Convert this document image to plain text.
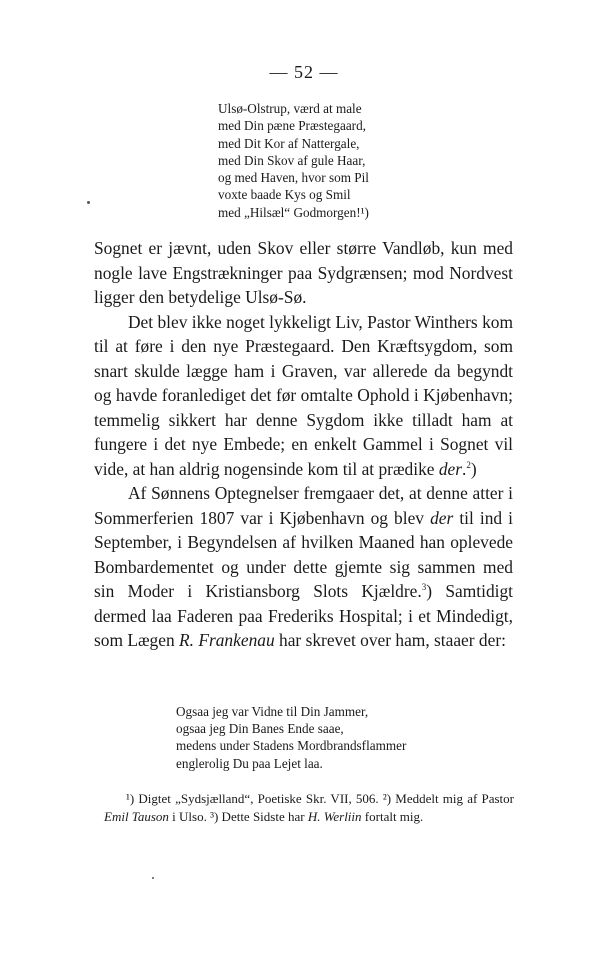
— 52 —
Ulsø-Olstrup, værd at male
med Din pæne Præstegaard,
med Dit Kor af Nattergale,
med Din Skov af gule Haar,
og med Haven, hvor som Pil
voxte baade Kys og Smil
med „Hilsæl“ Godmorgen!¹)

Sognet er jævnt, uden Skov eller større Vandløb, kun med nogle lave Engstrækninger paa Sydgrænsen; mod Nordvest ligger den betydelige Ulsø-Sø.

Det blev ikke noget lykkeligt Liv, Pastor Winthers kom til at føre i den nye Præstegaard. Den Kræftsygdom, som snart skulde lægge ham i Graven, var allerede da begyndt og havde foranlediget det før omtalte Ophold i Kjøbenhavn; temmelig sikkert har denne Sygdom ikke tilladt ham at fungere i det nye Embede; en enkelt Gammel i Sognet vil vide, at han aldrig nogensinde kom til at prædike der.$^2$)

Af Sønnens Optegnelser fremgaaer det, at denne atter i Sommerferien 1807 var i Kjøbenhavn og blev der til ind i September, i Begyndelsen af hvilken Maaned han oplevede Bombardementet og under dette gjemte sig sammen med sin Moder i Kristiansborg Slots Kjældre.$^3$) Samtidigt dermed laa Faderen paa Frederiks Hospital; i et Mindedigt, som Lægen R. Frankenau har skrevet over ham, staaer der:

Ogsaa jeg var Vidne til Din Jammer,
ogsaa jeg Din Banes Ende saae,
medens under Stadens Mordbrandsflammer
englerolig Du paa Lejet laa.

¹) Digtet „Sydsjælland“, Poetiske Skr. VII, 506. ²) Meddelt mig af Pastor Emil Tauson i Ulso. ³) Dette Sidste har H. Werliin fortalt mig.
